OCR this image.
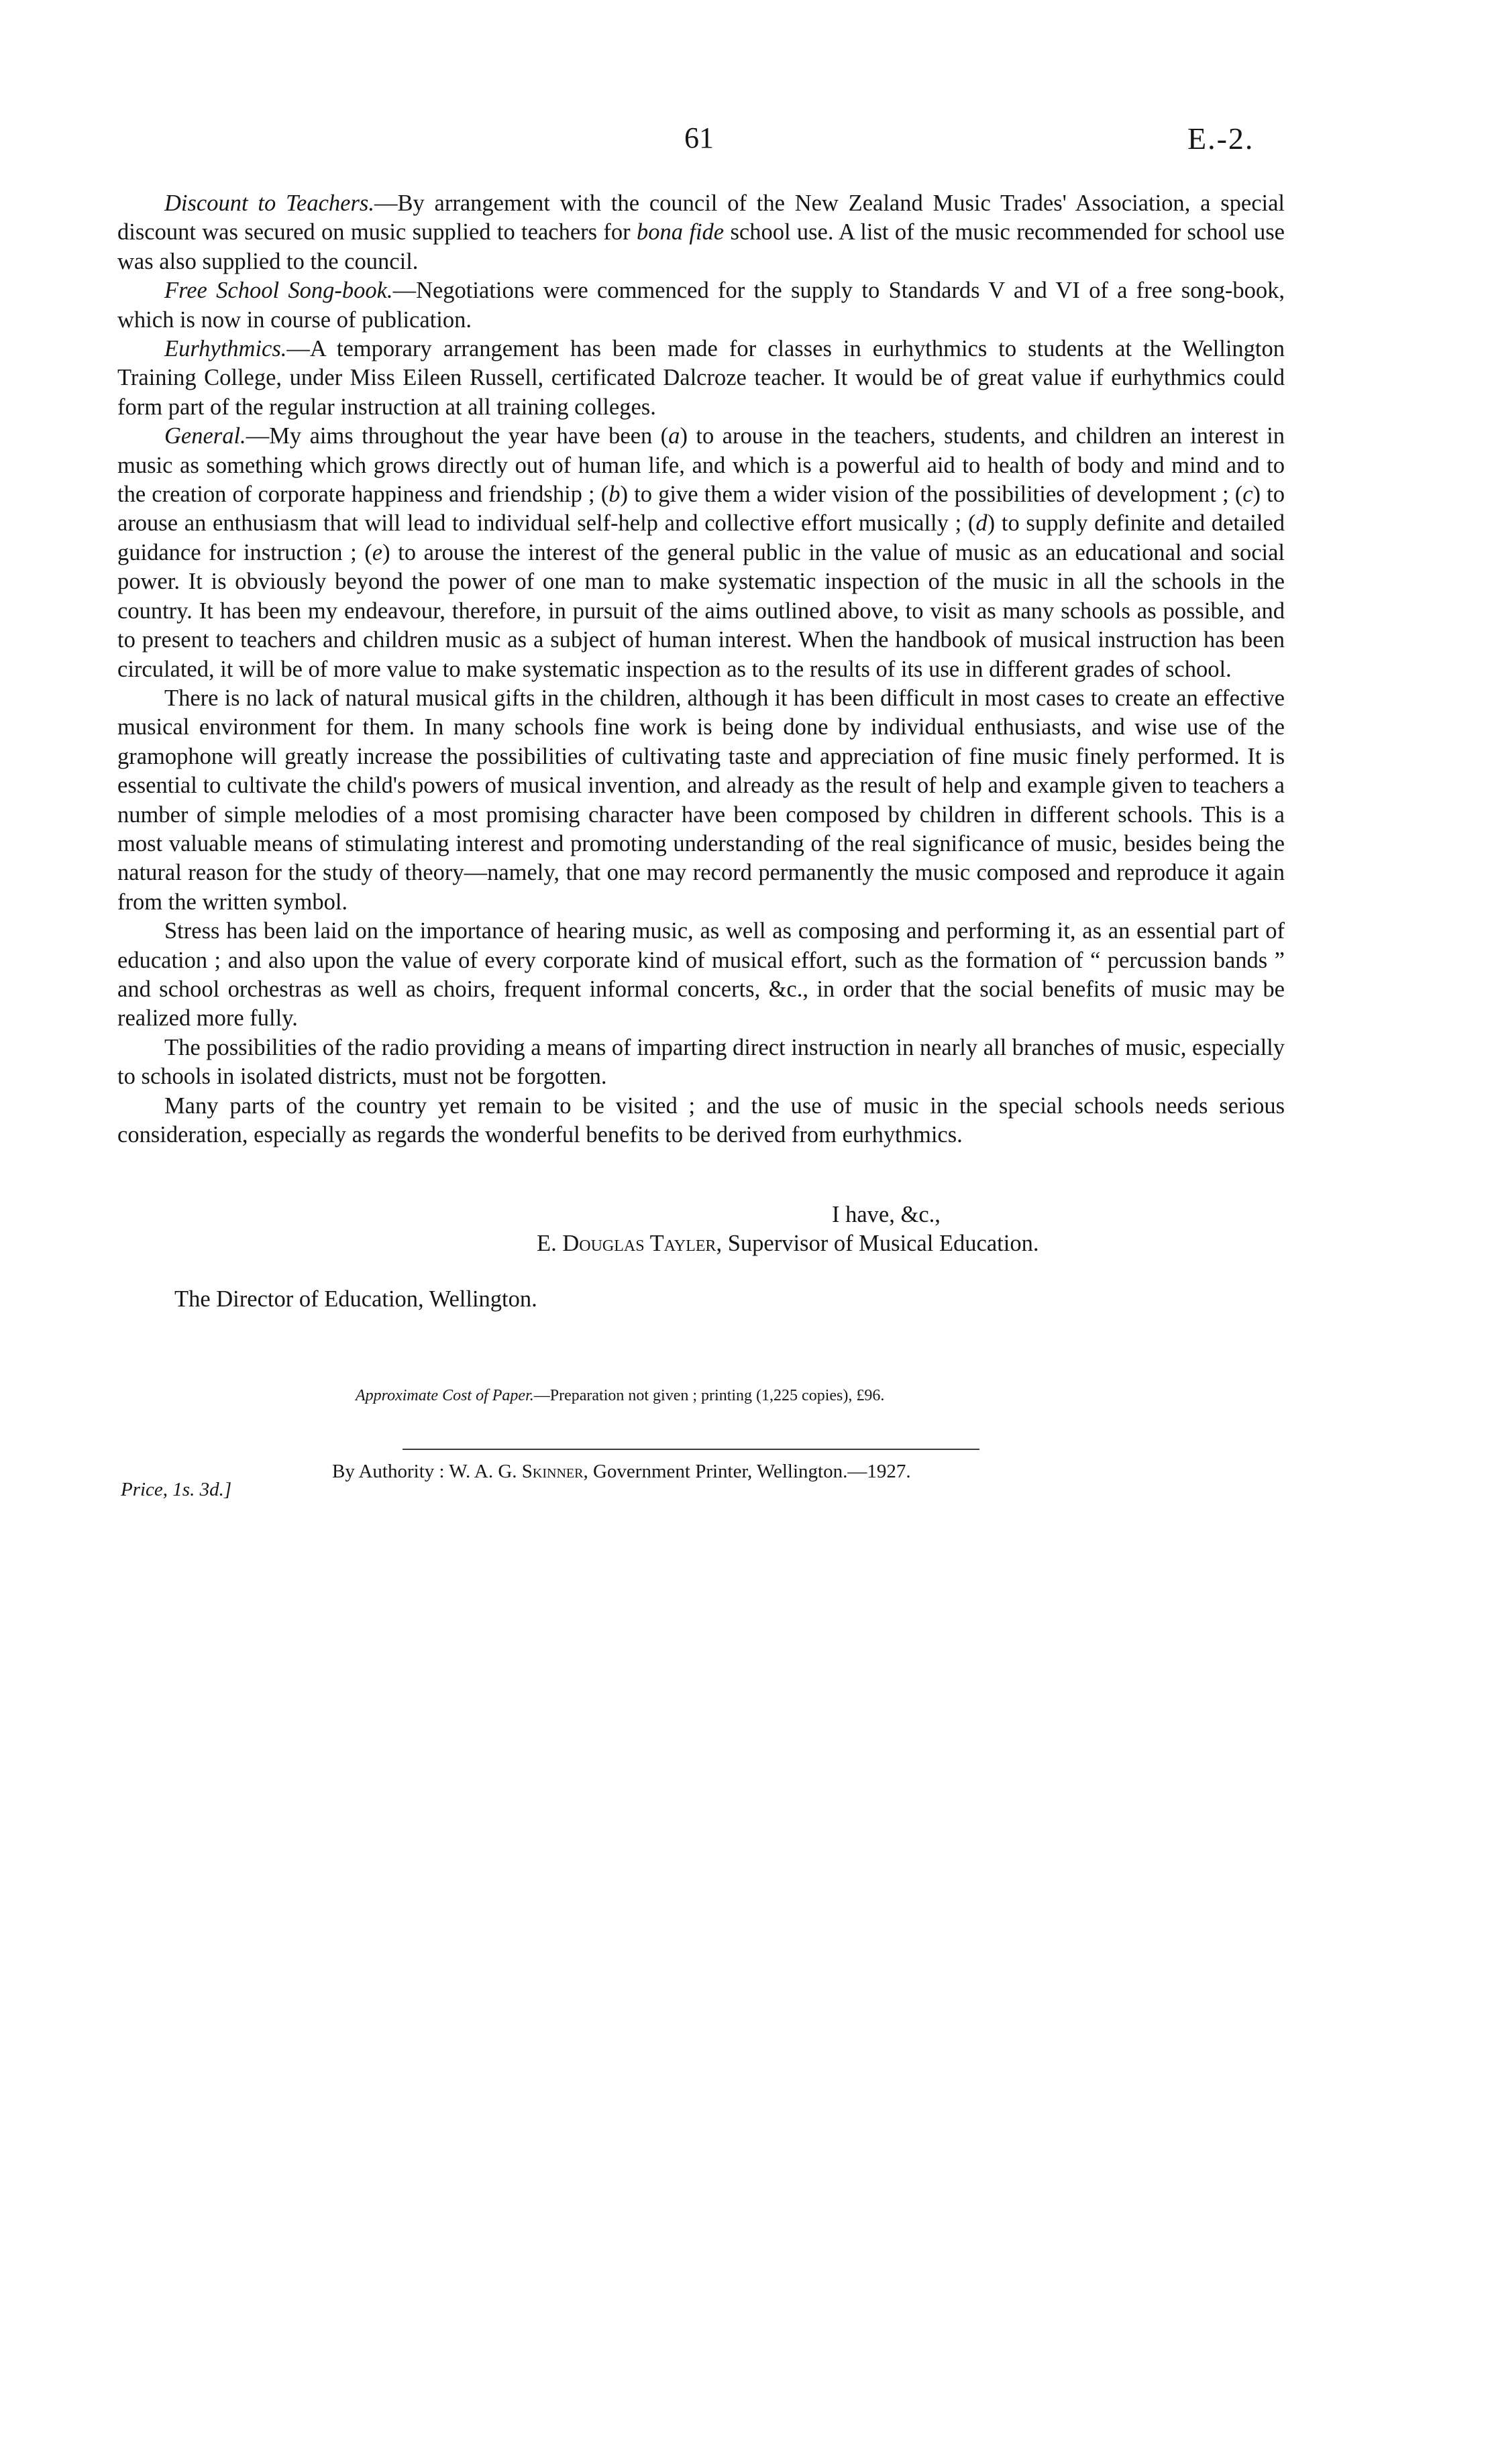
61	E.-2.

Discount to Teachers.—By arrangement with the council of the New Zealand Music Trades' Association, a special discount was secured on music supplied to teachers for bona fide school use. A list of the music recommended for school use was also supplied to the council.

Free School Song-book.—Negotiations were commenced for the supply to Standards V and VI of a free song-book, which is now in course of publication.

Eurhythmics.—A temporary arrangement has been made for classes in eurhythmics to students at the Wellington Training College, under Miss Eileen Russell, certificated Dalcroze teacher. It would be of great value if eurhythmics could form part of the regular instruction at all training colleges.

General.—My aims throughout the year have been (a) to arouse in the teachers, students, and children an interest in music as something which grows directly out of human life, and which is a powerful aid to health of body and mind and to the creation of corporate happiness and friendship ; (b) to give them a wider vision of the possibilities of development ; (c) to arouse an enthusiasm that will lead to individual self-help and collective effort musically ; (d) to supply definite and detailed guidance for instruction ; (e) to arouse the interest of the general public in the value of music as an educational and social power. It is obviously beyond the power of one man to make systematic inspection of the music in all the schools in the country. It has been my endeavour, therefore, in pursuit of the aims outlined above, to visit as many schools as possible, and to present to teachers and children music as a subject of human interest. When the handbook of musical instruction has been circulated, it will be of more value to make systematic inspection as to the results of its use in different grades of school.

There is no lack of natural musical gifts in the children, although it has been difficult in most cases to create an effective musical environment for them. In many schools fine work is being done by individual enthusiasts, and wise use of the gramophone will greatly increase the possibilities of cultivating taste and appreciation of fine music finely performed. It is essential to cultivate the child's powers of musical invention, and already as the result of help and example given to teachers a number of simple melodies of a most promising character have been composed by children in different schools. This is a most valuable means of stimulating interest and promoting understanding of the real significance of music, besides being the natural reason for the study of theory—namely, that one may record permanently the music composed and reproduce it again from the written symbol.

Stress has been laid on the importance of hearing music, as well as composing and performing it, as an essential part of education ; and also upon the value of every corporate kind of musical effort, such as the formation of “ percussion bands ” and school orchestras as well as choirs, frequent informal concerts, &c., in order that the social benefits of music may be realized more fully.

The possibilities of the radio providing a means of imparting direct instruction in nearly all branches of music, especially to schools in isolated districts, must not be forgotten.

Many parts of the country yet remain to be visited ; and the use of music in the special schools needs serious consideration, especially as regards the wonderful benefits to be derived from eurhythmics.

I have, &c.,
E. Douglas Tayler, Supervisor of Musical Education.
The Director of Education, Wellington.
Approximate Cost of Paper.—Preparation not given ; printing (1,225 copies), £96.
By Authority : W. A. G. Skinner, Government Printer, Wellington.—1927.
Price, 1s. 3d.]
